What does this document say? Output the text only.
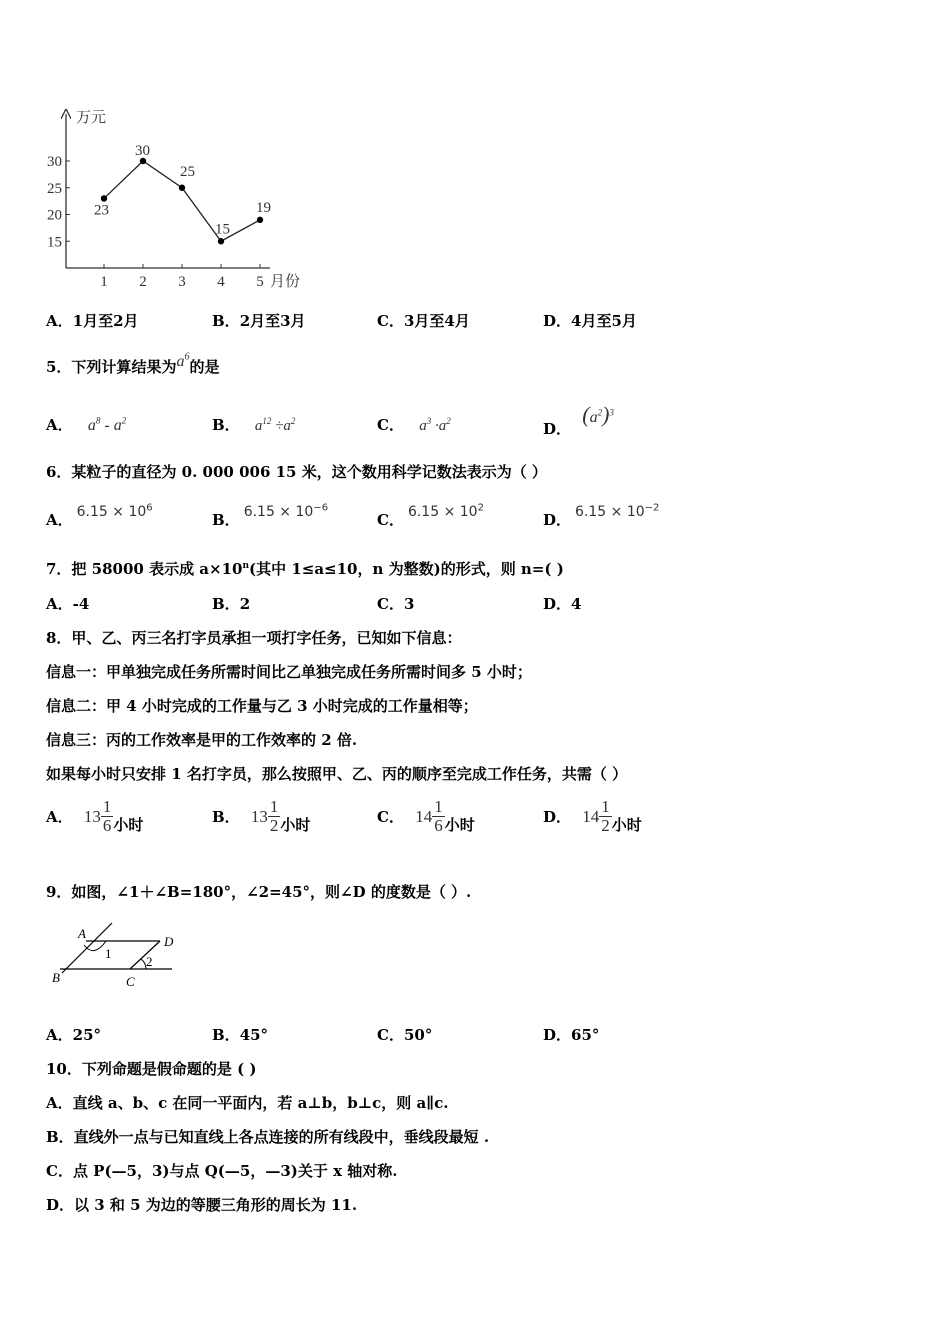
万元
月份
30
25
20
15
1 2 3 4 5
23
30
25
15
19
A．1月至2月	B．2月至3月	C．3月至4月	D．4月至5月
5．下列计算结果为$a^6$的是
A． $a^8 - a^2$	B． $a^{12} \div a^2$	C． $a^3 \cdot a^2$	D． $(a^2)^3$
6．某粒子的直径为 0. 000 006 15 米，这个数用科学记数法表示为（ ）
A． $6.15 \times 10^6$
B． $6.15 \times 10^{-6}$
C． $6.15 \times 10^2$
D． $6.15 \times 10^{-2}$
7．把 58000 表示成 $a\times 10^n$(其中 1≤a≤10，n 为整数)的形式，则 n=( )
A．-4	B．2	C．3	D．4
8．甲、乙、丙三名打字员承担一项打字任务，已知如下信息：
信息一：甲单独完成任务所需时间比乙单独完成任务所需时间多 5 小时；
信息二：甲 4 小时完成的工作量与乙 3 小时完成的工作量相等；
信息三：丙的工作效率是甲的工作效率的 2 倍.
如果每小时只安排 1 名打字员，那么按照甲、乙、丙的顺序至完成工作任务，共需（ ）
A． $13 \frac{1}{6}$ 小时	B． $13 \frac{1}{2}$ 小时	C． $14 \frac{1}{6}$ 小时	D． $14 \frac{1}{2}$ 小时
9．如图，∠1＋∠B=180°，∠2=45°，则∠D 的度数是（ ）.
A
B	C
D
1
2
A．25°	B．45°	C．50°	D．65°
10．下列命题是假命题的是 ( )
A．直线 a、b、c 在同一平面内，若 a⊥b，b⊥c，则 a∥c.
B．直线外一点与已知直线上各点连接的所有线段中，垂线段最短 .
C．点 P(—5，3)与点 Q(—5，—3)关于 x 轴对称.
D．以 3 和 5 为边的等腰三角形的周长为 11.
